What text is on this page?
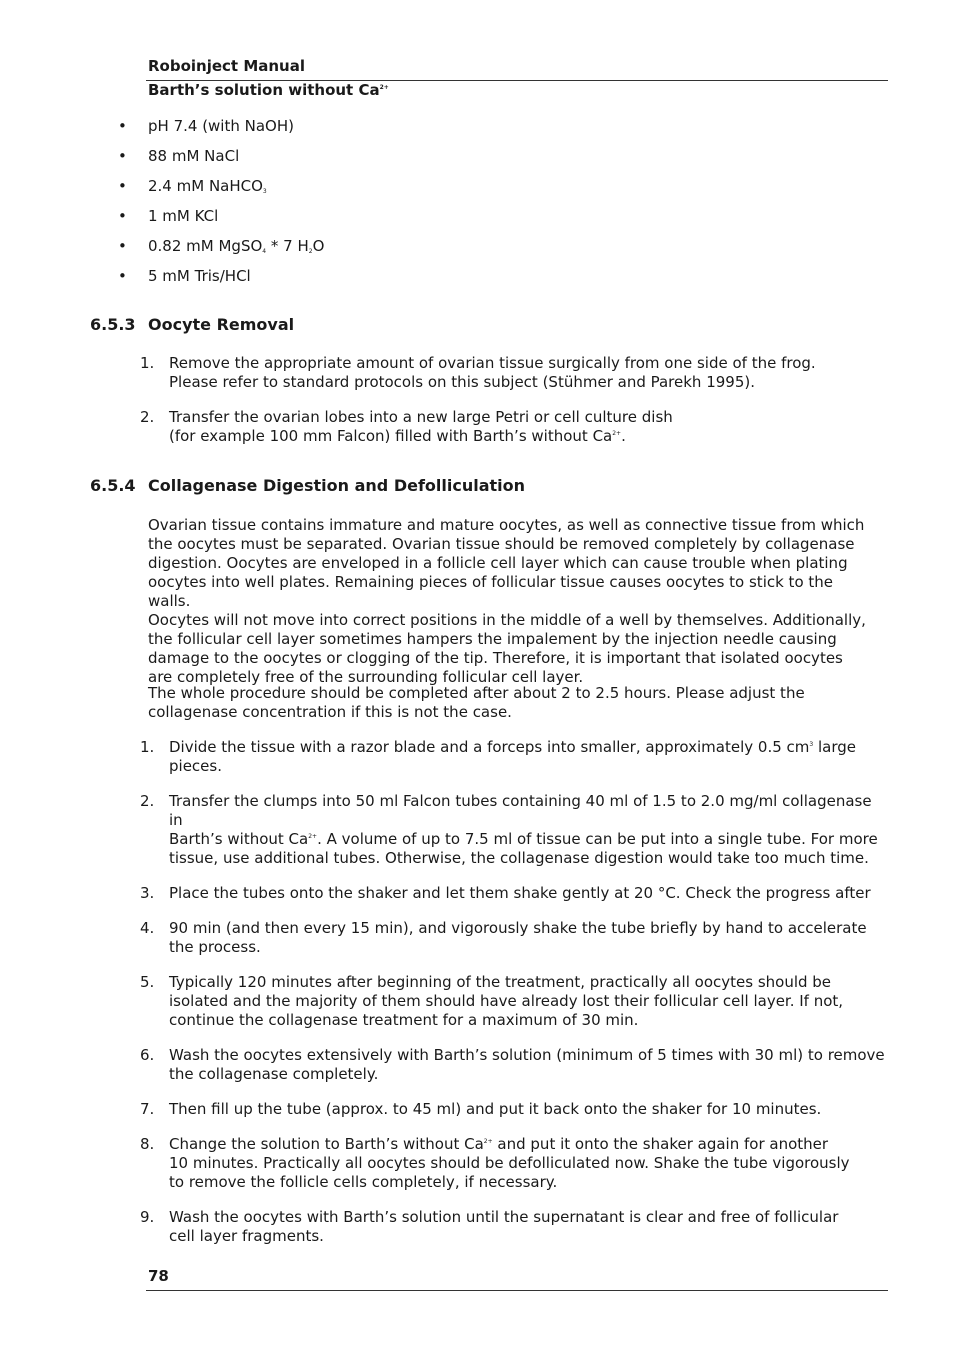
Roboinject Manual
Barth’s solution without $Ca^{2+}$
• pH 7.4 (with NaOH)
• 88 mM NaCl
• 2.4 mM NaHCO$_3$
• 1 mM KCl
• 0.82 mM MgSO$_4$ * 7 $H_2O$
• 5 mM Tris/HCl
6.5.3 Oocyte Removal
1. Remove the appropriate amount of ovarian tissue surgically from one side of the frog.
Please refer to standard protocols on this subject (Stühmer and Parekh 1995).
2. Transfer the ovarian lobes into a new large Petri or cell culture dish
(for example 100 mm Falcon) filled with Barth’s without $Ca^{2+}$.
6.5.4 Collagenase Digestion and Defolliculation
Ovarian tissue contains immature and mature oocytes, as well as connective tissue from which
the oocytes must be separated. Ovarian tissue should be removed completely by collagenase
digestion. Oocytes are enveloped in a follicle cell layer which can cause trouble when plating
oocytes into well plates. Remaining pieces of follicular tissue causes oocytes to stick to the walls.
Oocytes will not move into correct positions in the middle of a well by themselves. Additionally,
the follicular cell layer sometimes hampers the impalement by the injection needle causing
damage to the oocytes or clogging of the tip. Therefore, it is important that isolated oocytes
are completely free of the surrounding follicular cell layer.
The whole procedure should be completed after about 2 to 2.5 hours. Please adjust the
collagenase concentration if this is not the case.
1. Divide the tissue with a razor blade and a forceps into smaller, approximately 0.5 $cm^3$ large
pieces.
2. Transfer the clumps into 50 ml Falcon tubes containing 40 ml of 1.5 to 2.0 mg/ml collagenase in
Barth’s without $Ca^{2+}$. A volume of up to 7.5 ml of tissue can be put into a single tube. For more
tissue, use additional tubes. Otherwise, the collagenase digestion would take too much time.
3. Place the tubes onto the shaker and let them shake gently at 20 °C. Check the progress after
4. 90 min (and then every 15 min), and vigorously shake the tube briefly by hand to accelerate
the process.
5. Typically 120 minutes after beginning of the treatment, practically all oocytes should be
isolated and the majority of them should have already lost their follicular cell layer. If not,
continue the collagenase treatment for a maximum of 30 min.
6. Wash the oocytes extensively with Barth’s solution (minimum of 5 times with 30 ml) to remove
the collagenase completely.
7. Then fill up the tube (approx. to 45 ml) and put it back onto the shaker for 10 minutes.
8. Change the solution to Barth’s without $Ca^{2+}$ and put it onto the shaker again for another
10 minutes. Practically all oocytes should be defolliculated now. Shake the tube vigorously
to remove the follicle cells completely, if necessary.
9. Wash the oocytes with Barth’s solution until the supernatant is clear and free of follicular
cell layer fragments.
78
